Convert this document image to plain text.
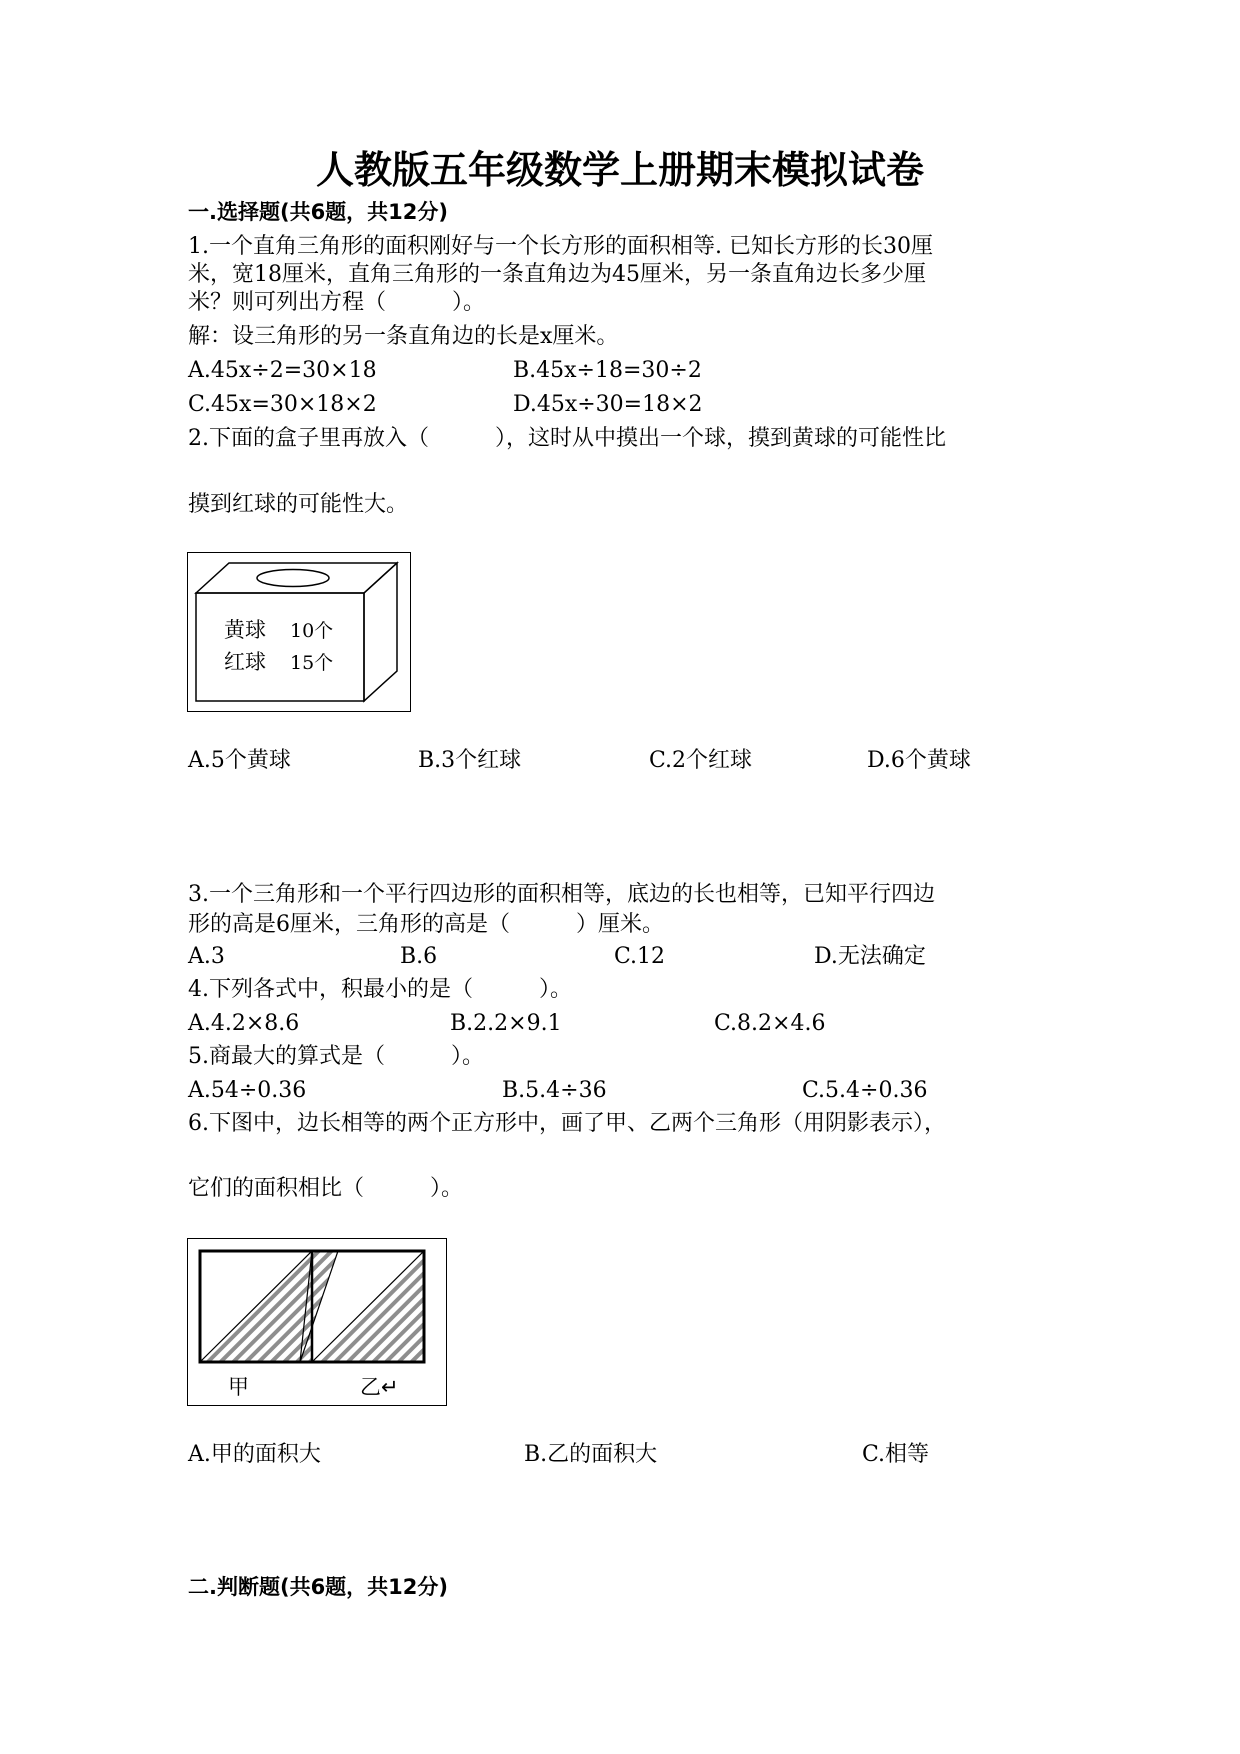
人教版五年级数学上册期末模拟试卷
一.选择题(共6题，共12分)
1.一个直角三角形的面积刚好与一个长方形的面积相等. 已知长方形的长30厘
米，宽18厘米，直角三角形的一条直角边为45厘米，另一条直角边长多少厘
米？则可列出方程（　　　）。
解：设三角形的另一条直角边的长是x厘米。
A.45x÷2=30×18	B.45x÷18=30÷2
C.45x=30×18×2	D.45x÷30=18×2
2.下面的盒子里再放入（　　　），这时从中摸出一个球，摸到黄球的可能性比
摸到红球的可能性大。
黄球 10个
红球 15个
A.5个黄球	B.3个红球	C.2个红球	D.6个黄球
3.一个三角形和一个平行四边形的面积相等，底边的长也相等，已知平行四边
形的高是6厘米，三角形的高是（　　　）厘米。
A.3	B.6	C.12	D.无法确定
4.下列各式中，积最小的是（　　　）。
A.4.2×8.6	B.2.2×9.1	C.8.2×4.6
5.商最大的算式是（　　　）。
A.54÷0.36	B.5.4÷36	C.5.4÷0.36
6.下图中，边长相等的两个正方形中，画了甲、乙两个三角形（用阴影表示），
它们的面积相比（　　　）。
甲	乙↵
A.甲的面积大	B.乙的面积大	C.相等
二.判断题(共6题，共12分)
